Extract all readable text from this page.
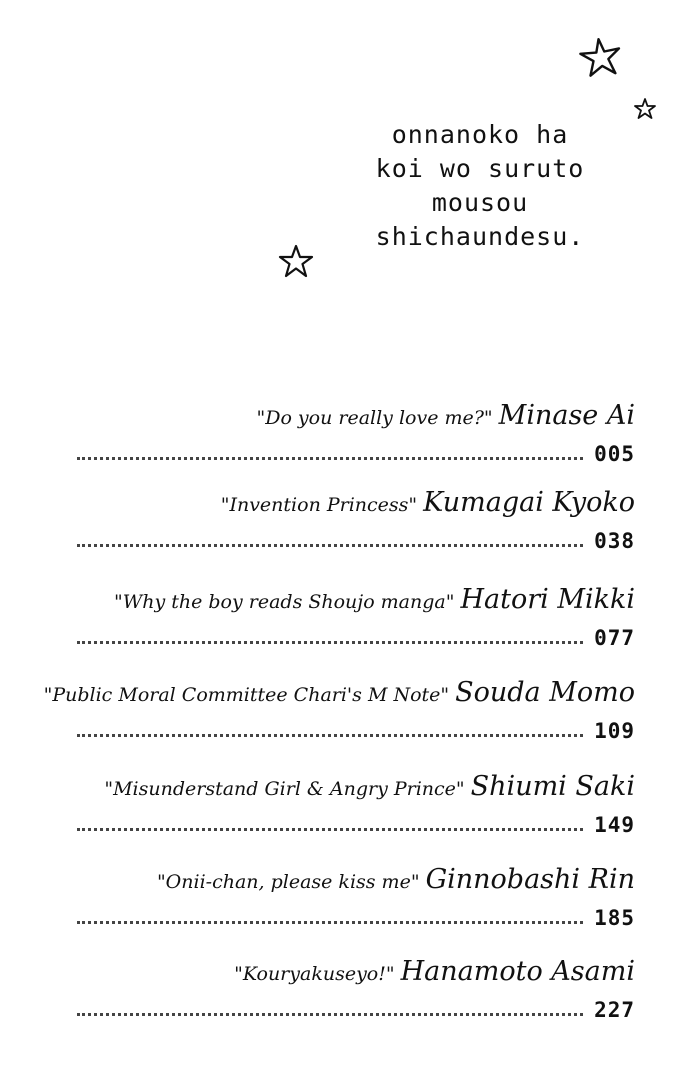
onnanoko ha
koi wo suruto
mousou
shichaundesu.
"Do you really love me?" Minase Ai
005
"Invention Princess" Kumagai Kyoko
038
"Why the boy reads Shoujo manga" Hatori Mikki
077
"Public Moral Committee Chari's M Note" Souda Momo
109
"Misunderstand Girl & Angry Prince" Shiumi Saki
149
"Onii-chan, please kiss me" Ginnobashi Rin
185
"Kouryakuseyo!" Hanamoto Asami
227
